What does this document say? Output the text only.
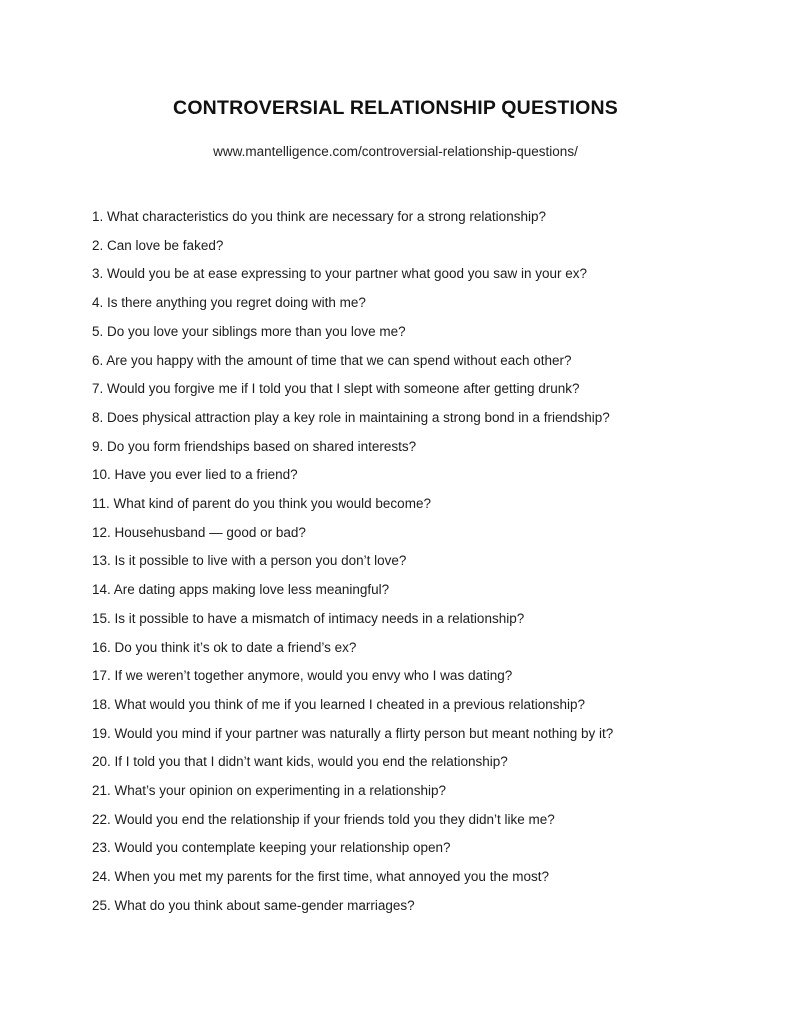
CONTROVERSIAL RELATIONSHIP QUESTIONS
www.mantelligence.com/controversial-relationship-questions/

1. What characteristics do you think are necessary for a strong relationship?

2. Can love be faked?

3. Would you be at ease expressing to your partner what good you saw in your ex?

4. Is there anything you regret doing with me?

5. Do you love your siblings more than you love me?

6. Are you happy with the amount of time that we can spend without each other?

7. Would you forgive me if I told you that I slept with someone after getting drunk?

8. Does physical attraction play a key role in maintaining a strong bond in a friendship?

9. Do you form friendships based on shared interests?

10. Have you ever lied to a friend?

11. What kind of parent do you think you would become?

12. Househusband — good or bad?

13. Is it possible to live with a person you don’t love?

14. Are dating apps making love less meaningful?

15. Is it possible to have a mismatch of intimacy needs in a relationship?

16. Do you think it’s ok to date a friend’s ex?

17. If we weren’t together anymore, would you envy who I was dating?

18. What would you think of me if you learned I cheated in a previous relationship?

19. Would you mind if your partner was naturally a flirty person but meant nothing by it?

20. If I told you that I didn’t want kids, would you end the relationship?

21. What’s your opinion on experimenting in a relationship?

22. Would you end the relationship if your friends told you they didn’t like me?

23. Would you contemplate keeping your relationship open?

24. When you met my parents for the first time, what annoyed you the most?

25. What do you think about same-gender marriages?
